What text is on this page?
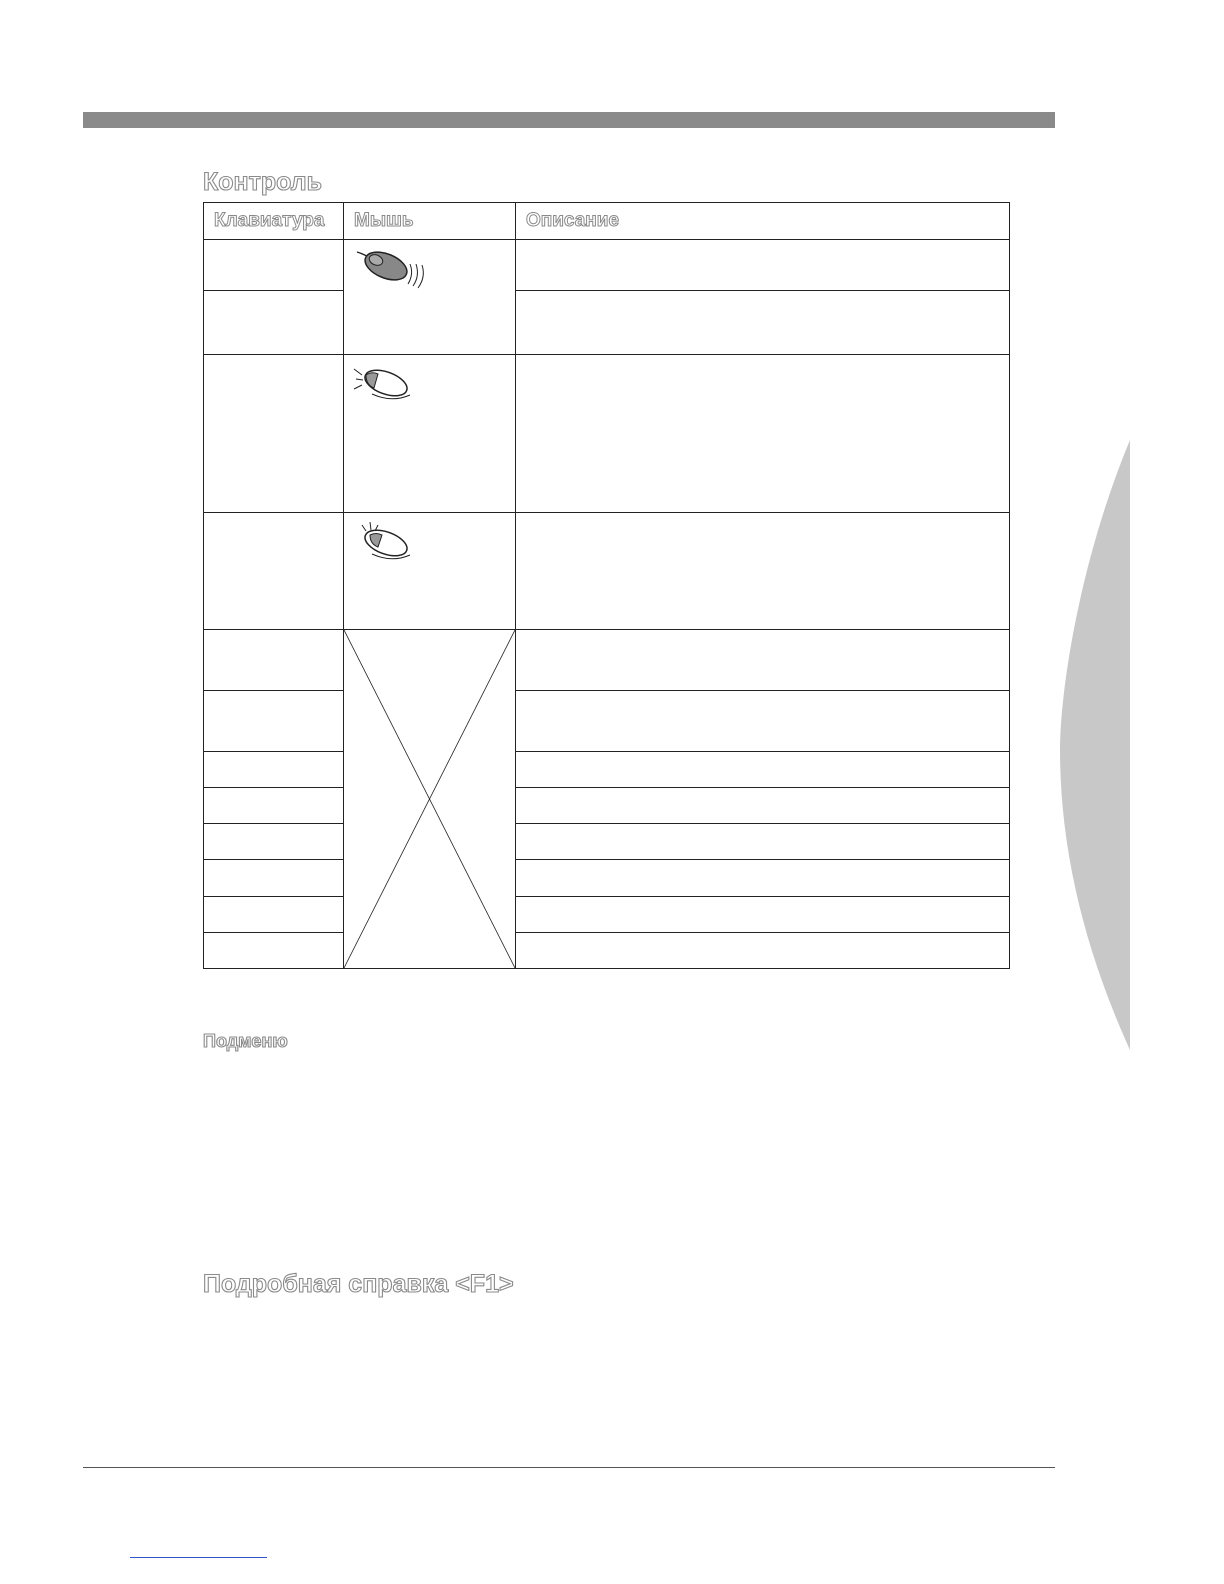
Контроль
Клавиатура	Мышь	Описание

Подменю
Подробная справка <F1>
